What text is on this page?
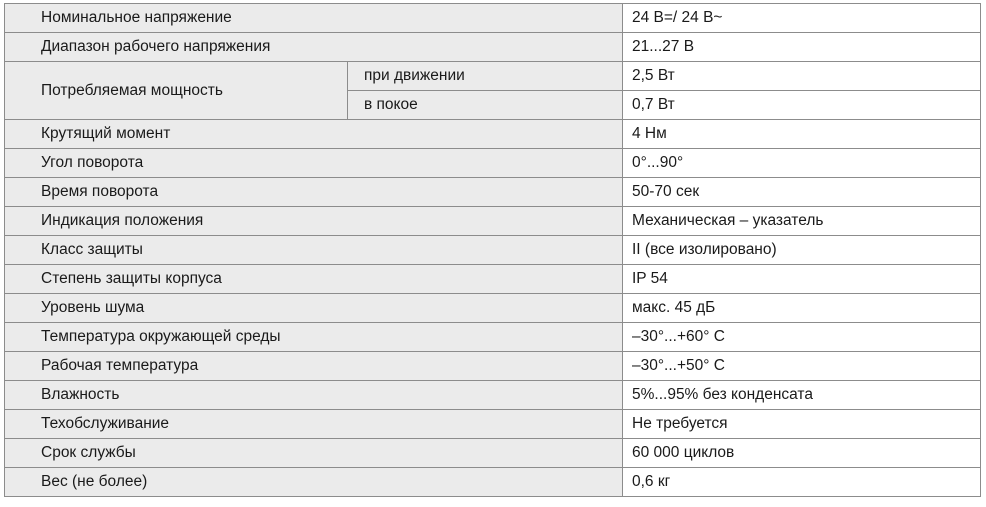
Номинальное напряжение		24 В=/ 24 В~
Диапазон рабочего напряжения		21...27 В
Потребляемая мощность	при движении	2,5 Вт
	в покое	0,7 Вт
Крутящий момент		4 Нм
Угол поворота		0°...90°
Время поворота		50-70 сек
Индикация положения		Механическая – указатель
Класс защиты		II (все изолировано)
Степень защиты корпуса		IP 54
Уровень шума		макс. 45 дБ
Температура окружающей среды		–30°...+60° С
Рабочая температура		–30°...+50° С
Влажность		5%...95% без конденсата
Техобслуживание		Не требуется
Срок службы		60 000 циклов
Вес (не более)		0,6 кг
